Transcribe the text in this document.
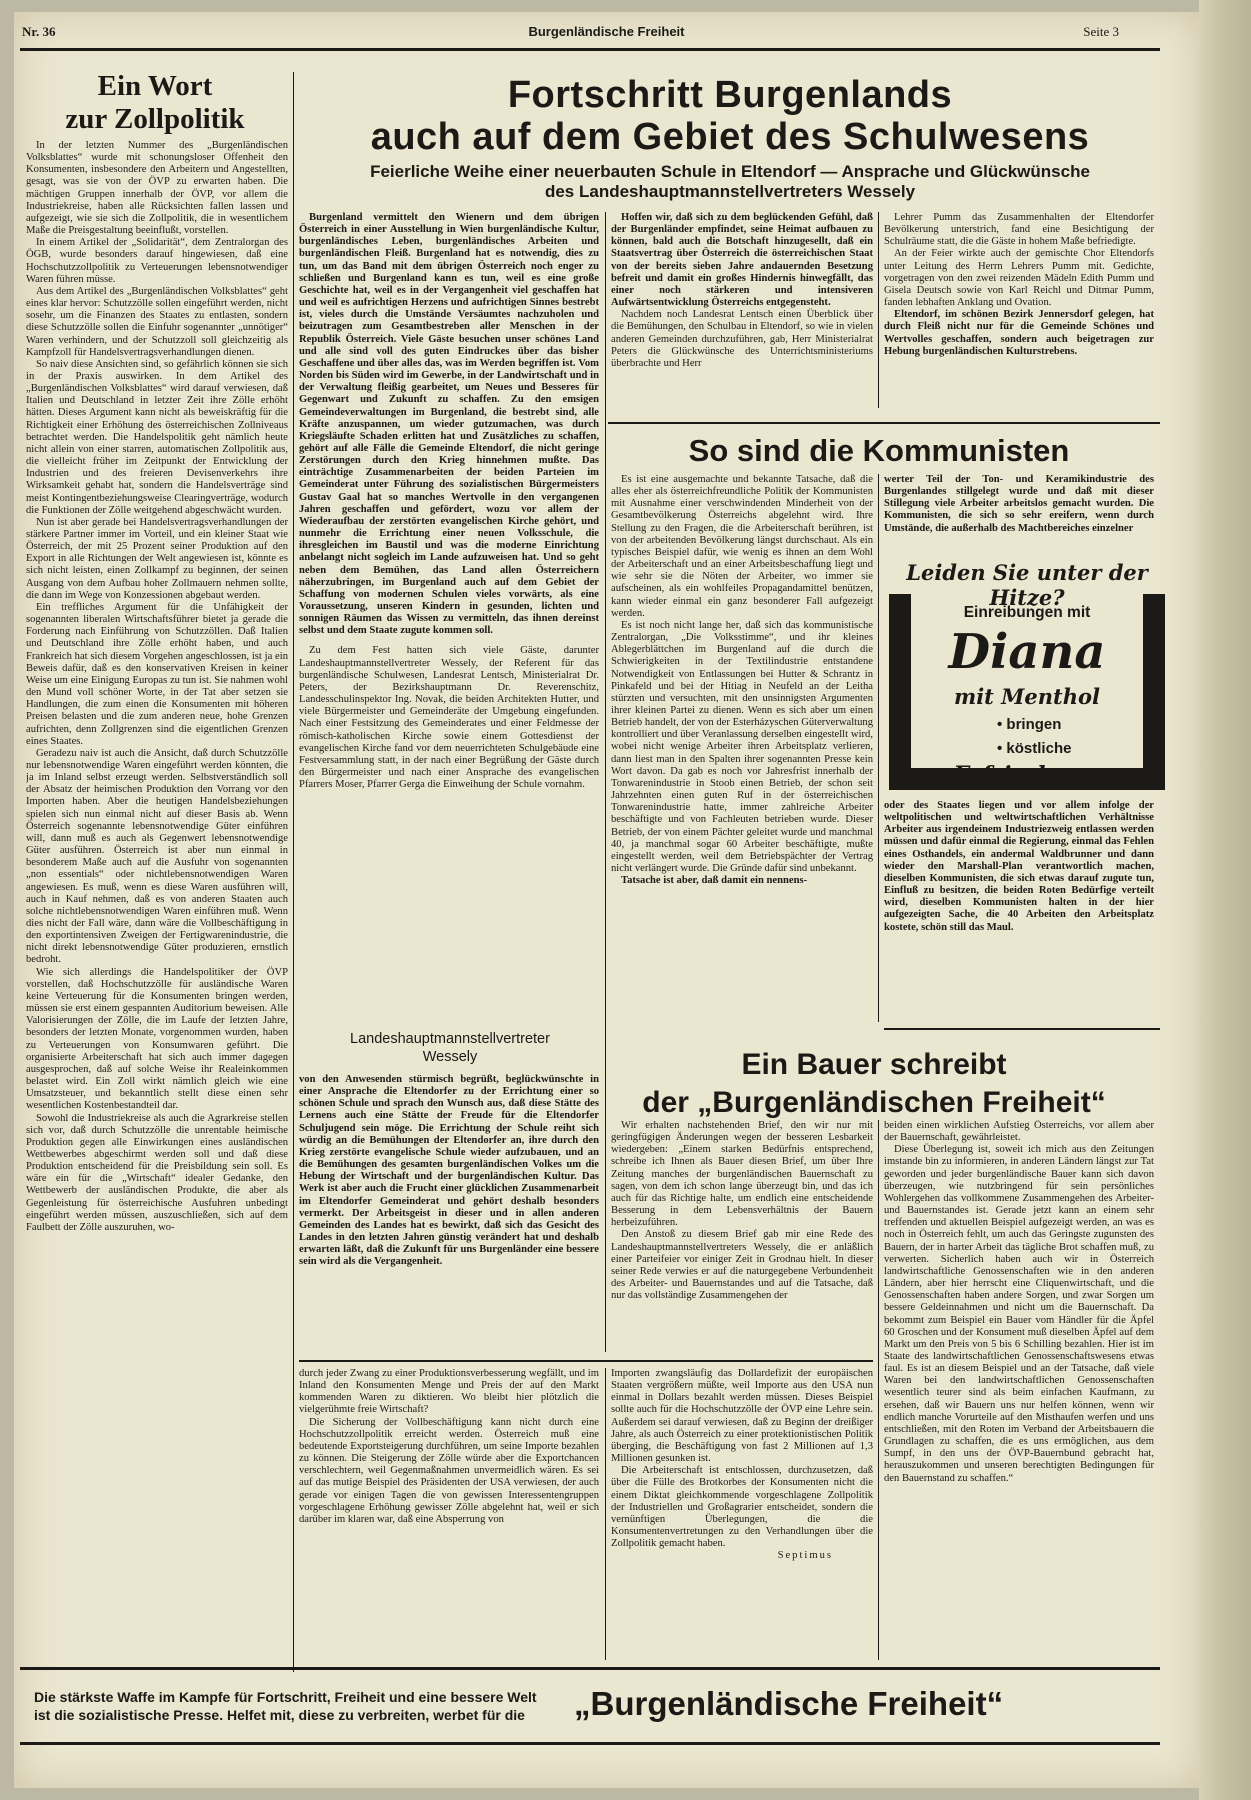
Nr. 36	Burgenländische Freiheit	Seite 3
Ein Wort
zur Zollpolitik

In der letzten Nummer des „Burgenländischen Volksblattes“ wurde mit schonungsloser Offenheit den Konsumenten, insbesondere den Arbeitern und Angestellten, gesagt, was sie von der ÖVP zu erwarten haben. Die mächtigen Gruppen innerhalb der ÖVP, vor allem die Industriekreise, haben alle Rücksichten fallen lassen und aufgezeigt, wie sie sich die Zollpolitik, die in wesentlichem Maße die Preisgestaltung beeinflußt, vorstellen.

In einem Artikel der „Solidarität“, dem Zentralorgan des ÖGB, wurde besonders darauf hingewiesen, daß eine Hochschutzzollpolitik zu Verteuerungen lebensnotwendiger Waren führen müsse.

Aus dem Artikel des „Burgenländischen Volksblattes“ geht eines klar hervor: Schutzzölle sollen eingeführt werden, nicht sosehr, um die Finanzen des Staates zu entlasten, sondern diese Schutzzölle sollen die Einfuhr sogenannter „unnötiger“ Waren verhindern, und der Schutzzoll soll gleichzeitig als Kampfzoll für Handelsvertragsverhandlungen dienen.

So naiv diese Ansichten sind, so gefährlich können sie sich in der Praxis auswirken. In dem Artikel des „Burgenländischen Volksblattes“ wird darauf verwiesen, daß Italien und Deutschland in letzter Zeit ihre Zölle erhöht hätten. Dieses Argument kann nicht als beweiskräftig für die Richtigkeit einer Erhöhung des österreichischen Zollniveaus betrachtet werden. Die Handelspolitik geht nämlich heute nicht allein von einer starren, automatischen Zollpolitik aus, die vielleicht früher im Zeitpunkt der Entwicklung der Industrien und des freieren Devisenverkehrs ihre Wirksamkeit gehabt hat, sondern die Handelsverträge sind meist Kontingentbeziehungsweise Clearingverträge, wodurch die Funktionen der Zölle weitgehend abgeschwächt wurden.

Nun ist aber gerade bei Handelsvertragsverhandlungen der stärkere Partner immer im Vorteil, und ein kleiner Staat wie Österreich, der mit 25 Prozent seiner Produktion auf den Export in alle Richtungen der Welt angewiesen ist, könnte es sich nicht leisten, einen Zollkampf zu beginnen, der seinen Ausgang von dem Aufbau hoher Zollmauern nehmen sollte, die dann im Wege von Konzessionen abgebaut werden.

Ein treffliches Argument für die Unfähigkeit der sogenannten liberalen Wirtschaftsführer bietet ja gerade die Forderung nach Einführung von Schutzzöllen. Daß Italien und Deutschland ihre Zölle erhöht haben, und auch Frankreich hat sich diesem Vorgehen angeschlossen, ist ja ein Beweis dafür, daß es den konservativen Kreisen in keiner Weise um eine Einigung Europas zu tun ist. Sie nahmen wohl den Mund voll schöner Worte, in der Tat aber setzen sie Handlungen, die zum einen die Konsumenten mit höheren Preisen belasten und die zum anderen neue, hohe Grenzen aufrichten, denn Zollgrenzen sind die eigentlichen Grenzen eines Staates.

Geradezu naiv ist auch die Ansicht, daß durch Schutzzölle nur lebensnotwendige Waren eingeführt werden könnten, die ja im Inland selbst erzeugt werden. Selbstverständlich soll der Absatz der heimischen Produktion den Vorrang vor den Importen haben. Aber die heutigen Handelsbeziehungen spielen sich nun einmal nicht auf dieser Basis ab. Wenn Österreich sogenannte lebensnotwendige Güter einführen will, dann muß es auch als Gegenwert lebensnotwendige Güter ausführen. Österreich ist aber nun einmal in besonderem Maße auch auf die Ausfuhr von sogenannten „non essentials“ oder nichtlebensnotwendigen Waren angewiesen. Es muß, wenn es diese Waren ausführen will, auch in Kauf nehmen, daß es von anderen Staaten auch solche nichtlebensnotwendigen Waren einführen muß. Wenn dies nicht der Fall wäre, dann wäre die Vollbeschäftigung in den exportintensiven Zweigen der Fertigwarenindustrie, die nicht direkt lebensnotwendige Güter produzieren, ernstlich bedroht.

Wie sich allerdings die Handelspolitiker der ÖVP vorstellen, daß Hochschutzzölle für ausländische Waren keine Verteuerung für die Konsumenten bringen werden, müssen sie erst einem gespannten Auditorium beweisen. Alle Valorisierungen der Zölle, die im Laufe der letzten Jahre, besonders der letzten Monate, vorgenommen wurden, haben zu Verteuerungen von Konsumwaren geführt. Die organisierte Arbeiterschaft hat sich auch immer dagegen ausgesprochen, daß auf solche Weise ihr Realeinkommen belastet wird. Ein Zoll wirkt nämlich gleich wie eine Umsatzsteuer, und bekanntlich stellt diese einen sehr wesentlichen Kostenbestandteil dar.

Sowohl die Industriekreise als auch die Agrarkreise stellen sich vor, daß durch Schutzzölle die unrentable heimische Produktion gegen alle Einwirkungen eines ausländischen Wettbewerbes abgeschirmt werden soll und daß diese Produktion entscheidend für die Preisbildung sein soll. Es wäre ein für die „Wirtschaft“ idealer Gedanke, den Wettbewerb der ausländischen Produkte, die aber als Gegenleistung für österreichische Ausfuhren unbedingt eingeführt werden müssen, auszuschließen, sich auf dem Faulbett der Zölle auszuruhen, wo-

Fortschritt Burgenlands
auch auf dem Gebiet des Schulwesens
Feierliche Weihe einer neuerbauten Schule in Eltendorf — Ansprache und Glückwünsche
des Landeshauptmannstellvertreters Wessely

Burgenland vermittelt den Wienern und dem übrigen Österreich in einer Ausstellung in Wien burgenländische Kultur, burgenländisches Leben, burgenländisches Arbeiten und burgenländischen Fleiß. Burgenland hat es notwendig, dies zu tun, um das Band mit dem übrigen Österreich noch enger zu schließen und Burgenland kann es tun, weil es eine große Geschichte hat, weil es in der Vergangenheit viel geschaffen hat und weil es aufrichtigen Herzens und aufrichtigen Sinnes bestrebt ist, vieles durch die Umstände Versäumtes nachzuholen und beizutragen zum Gesamtbestreben aller Menschen in der Republik Österreich. Viele Gäste besuchen unser schönes Land und alle sind voll des guten Eindruckes über das bisher Geschaffene und über alles das, was im Werden begriffen ist. Vom Norden bis Süden wird im Gewerbe, in der Landwirtschaft und in der Verwaltung fleißig gearbeitet, um Neues und Besseres für Gegenwart und Zukunft zu schaffen. Zu den emsigen Gemeindeverwaltungen im Burgenland, die bestrebt sind, alle Kräfte anzuspannen, um wieder gutzumachen, was durch Kriegsläufte Schaden erlitten hat und Zusätzliches zu schaffen, gehört auf alle Fälle die Gemeinde Eltendorf, die nicht geringe Zerstörungen durch den Krieg hinnehmen mußte. Das einträchtige Zusammenarbeiten der beiden Parteien im Gemeinderat unter Führung des sozialistischen Bürgermeisters Gustav Gaal hat so manches Wertvolle in den vergangenen Jahren geschaffen und gefördert, wozu vor allem der Wiederaufbau der zerstörten evangelischen Kirche gehört, und nunmehr die Errichtung einer neuen Volksschule, die ihresgleichen im Baustil und was die moderne Einrichtung anbelangt nicht sogleich im Lande aufzuweisen hat. Und so geht neben dem Bemühen, das Land allen Österreichern näherzubringen, im Burgenland auch auf dem Gebiet der Schaffung von modernen Schulen vieles vorwärts, als eine Voraussetzung, unseren Kindern in gesunden, lichten und sonnigen Räumen das Wissen zu vermitteln, das ihnen dereinst selbst und dem Staate zugute kommen soll.

Zu dem Fest hatten sich viele Gäste, darunter Landeshauptmannstellvertreter Wessely, der Referent für das burgenländische Schulwesen, Landesrat Lentsch, Ministerialrat Dr. Peters, der Bezirkshauptmann Dr. Reverenschitz, Landesschulinspektor Ing. Novak, die beiden Architekten Hutter, und viele Bürgermeister und Gemeinderäte der Umgebung eingefunden. Nach einer Festsitzung des Gemeinderates und einer Feldmesse der römisch-katholischen Kirche sowie einem Gottesdienst der evangelischen Kirche fand vor dem neuerrichteten Schulgebäude eine Festversammlung statt, in der nach einer Begrüßung der Gäste durch den Bürgermeister und nach einer Ansprache des evangelischen Pfarrers Moser, Pfarrer Gerga die Einweihung der Schule vornahm.

Landeshauptmannstellvertreter
Wessely

von den Anwesenden stürmisch begrüßt, beglückwünschte in einer Ansprache die Eltendorfer zu der Errichtung einer so schönen Schule und sprach den Wunsch aus, daß diese Stätte des Lernens auch eine Stätte der Freude für die Eltendorfer Schuljugend sein möge. Die Errichtung der Schule reiht sich würdig an die Bemühungen der Eltendorfer an, ihre durch den Krieg zerstörte evangelische Schule wieder aufzubauen, und an die Bemühungen des gesamten burgenländischen Volkes um die Hebung der Wirtschaft und der burgenländischen Kultur. Das Werk ist aber auch die Frucht einer glücklichen Zusammenarbeit im Eltendorfer Gemeinderat und gehört deshalb besonders vermerkt. Der Arbeitsgeist in dieser und in allen anderen Gemeinden des Landes hat es bewirkt, daß sich das Gesicht des Landes in den letzten Jahren günstig verändert hat und deshalb erwarten läßt, daß die Zukunft für uns Burgenländer eine bessere sein wird als die Vergangenheit.

Hoffen wir, daß sich zu dem beglückenden Gefühl, daß der Burgenländer empfindet, seine Heimat aufbauen zu können, bald auch die Botschaft hinzugesellt, daß ein Staatsvertrag über Österreich die österreichischen Staat von der bereits sieben Jahre andauernden Besetzung befreit und damit ein großes Hindernis hinwegfällt, das einer noch stärkeren und intensiveren Aufwärtsentwicklung Österreichs entgegensteht.

Nachdem noch Landesrat Lentsch einen Überblick über die Bemühungen, den Schulbau in Eltendorf, so wie in vielen anderen Gemeinden durchzuführen, gab, Herr Ministerialrat Peters die Glückwünsche des Unterrichtsministeriums überbrachte und Herr

Lehrer Pumm das Zusammenhalten der Eltendorfer Bevölkerung unterstrich, fand eine Besichtigung der Schulräume statt, die die Gäste in hohem Maße befriedigte.

An der Feier wirkte auch der gemischte Chor Eltendorfs unter Leitung des Herrn Lehrers Pumm mit. Gedichte, vorgetragen von den zwei reizenden Mädeln Edith Pumm und Gisela Deutsch sowie von Karl Reichl und Ditmar Pumm, fanden lebhaften Anklang und Ovation.

Eltendorf, im schönen Bezirk Jennersdorf gelegen, hat durch Fleiß nicht nur für die Gemeinde Schönes und Wertvolles geschaffen, sondern auch beigetragen zur Hebung burgenländischen Kulturstrebens.

So sind die Kommunisten

Es ist eine ausgemachte und bekannte Tatsache, daß die alles eher als österreichfreundliche Politik der Kommunisten mit Ausnahme einer verschwindenden Minderheit von der Gesamtbevölkerung Österreichs abgelehnt wird. Ihre Stellung zu den Fragen, die die Arbeiterschaft berühren, ist von der arbeitenden Bevölkerung längst durchschaut. Als ein typisches Beispiel dafür, wie wenig es ihnen an dem Wohl der Arbeiterschaft und an einer Arbeitsbeschaffung liegt und wie sehr sie die Nöten der Arbeiter, wo immer sie aufscheinen, als ein wohlfeiles Propagandamittel benützen, kann wieder einmal ein ganz besonderer Fall aufgezeigt werden.

Es ist noch nicht lange her, daß sich das kommunistische Zentralorgan, „Die Volksstimme“, und ihr kleines Ablegerblättchen im Burgenland auf die durch die Schwierigkeiten in der Textilindustrie entstandene Notwendigkeit von Entlassungen bei Hutter & Schrantz in Pinkafeld und bei der Hitiag in Neufeld an der Leitha stürzten und versuchten, mit den unsinnigsten Argumenten ihrer kleinen Partei zu dienen. Wenn es sich aber um einen Betrieb handelt, der von der Esterházyschen Güterverwaltung kontrolliert und über Veranlassung derselben eingestellt wird, wobei nicht wenige Arbeiter ihren Arbeitsplatz verlieren, dann liest man in den Spalten ihrer sogenannten Presse kein Wort davon. Da gab es noch vor Jahresfrist innerhalb der Tonwarenindustrie in Stoob einen Betrieb, der schon seit Jahrzehnten einen guten Ruf in der österreichischen Tonwarenindustrie hatte, immer zahlreiche Arbeiter beschäftigte und von Fachleuten betrieben wurde. Dieser Betrieb, der von einem Pächter geleitet wurde und manchmal 40, ja manchmal sogar 60 Arbeiter beschäftigte, mußte eingestellt werden, weil dem Betriebspächter der Vertrag nicht verlängert wurde. Die Gründe dafür sind unbekannt.

Tatsache ist aber, daß damit ein nennens-

werter Teil der Ton- und Keramikindustrie des Burgenlandes stillgelegt wurde und daß mit dieser Stillegung viele Arbeiter arbeitslos gemacht wurden. Die Kommunisten, die sich so sehr ereifern, wenn durch Umstände, die außerhalb des Machtbereiches einzelner

Leiden Sie unter der Hitze?
Einreibungen mit
Diana
mit Menthol
• bringen
• köstliche
Erfrischung

oder des Staates liegen und vor allem infolge der weltpolitischen und weltwirtschaftlichen Verhältnisse Arbeiter aus irgendeinem Industriezweig entlassen werden müssen und dafür einmal die Regierung, einmal das Fehlen eines Osthandels, ein andermal Waldbrunner und dann wieder den Marshall-Plan verantwortlich machen, dieselben Kommunisten, die sich etwas darauf zugute tun, Einfluß zu besitzen, die beiden Roten Bedürfige verteilt wird, dieselben Kommunisten halten in der hier aufgezeigten Sache, die 40 Arbeiten den Arbeitsplatz kostete, schön still das Maul.

Ein Bauer schreibt
der „Burgenländischen Freiheit“

Wir erhalten nachstehenden Brief, den wir nur mit geringfügigen Änderungen wegen der besseren Lesbarkeit wiedergeben: „Einem starken Bedürfnis entsprechend, schreibe ich Ihnen als Bauer diesen Brief, um über Ihre Zeitung manches der burgenländischen Bauernschaft zu sagen, von dem ich schon lange überzeugt bin, und das ich auch für das Richtige halte, um endlich eine entscheidende Besserung in dem Lebensverhältnis der Bauern herbeizuführen.

Den Anstoß zu diesem Brief gab mir eine Rede des Landeshauptmannstellvertreters Wessely, die er anläßlich einer Parteifeier vor einiger Zeit in Grodnau hielt. In dieser seiner Rede verwies er auf die naturgegebene Verbundenheit des Arbeiter- und Bauernstandes und auf die Tatsache, daß nur das vollständige Zusammengehen der

beiden einen wirklichen Aufstieg Österreichs, vor allem aber der Bauernschaft, gewährleistet.

Diese Überlegung ist, soweit ich mich aus den Zeitungen imstande bin zu informieren, in anderen Ländern längst zur Tat geworden und jeder burgenländische Bauer kann sich davon überzeugen, wie nutzbringend für sein persönliches Wohlergehen das vollkommene Zusammengehen des Arbeiter- und Bauernstandes ist. Gerade jetzt kann an einem sehr treffenden und aktuellen Beispiel aufgezeigt werden, an was es noch in Österreich fehlt, um auch das Geringste zugunsten des Bauern, der in harter Arbeit das tägliche Brot schaffen muß, zu verwerten. Sicherlich haben auch wir in Österreich landwirtschaftliche Genossenschaften wie in den anderen Ländern, aber hier herrscht eine Cliquenwirtschaft, und die Genossenschaften haben andere Sorgen, und zwar Sorgen um bessere Geldeinnahmen und nicht um die Bauernschaft. Da bekommt zum Beispiel ein Bauer vom Händler für die Äpfel 60 Groschen und der Konsument muß dieselben Äpfel auf dem Markt um den Preis von 5 bis 6 Schilling bezahlen. Hier ist im Staate des landwirtschaftlichen Genossenschaftswesens etwas faul. Es ist an diesem Beispiel und an der Tatsache, daß viele Waren bei den landwirtschaftlichen Genossenschaften wesentlich teurer sind als beim einfachen Kaufmann, zu ersehen, daß wir Bauern uns nur helfen können, wenn wir endlich manche Vorurteile auf den Misthaufen werfen und uns entschließen, mit den Roten im Verband der Arbeitsbauern die Grundlagen zu schaffen, die es uns ermöglichen, aus dem Sumpf, in den uns der ÖVP-Bauernbund gebracht hat, herauszukommen und unseren berechtigten Bedingungen für den Bauernstand zu schaffen.“

durch jeder Zwang zu einer Produktionsverbesserung wegfällt, und im Inland den Konsumenten Menge und Preis der auf den Markt kommenden Waren zu diktieren. Wo bleibt hier plötzlich die vielgerühmte freie Wirtschaft?

Die Sicherung der Vollbeschäftigung kann nicht durch eine Hochschutzzollpolitik erreicht werden. Österreich muß eine bedeutende Exportsteigerung durchführen, um seine Importe bezahlen zu können. Die Steigerung der Zölle würde aber die Exportchancen verschlechtern, weil Gegenmaßnahmen unvermeidlich wären. Es sei auf das mutige Beispiel des Präsidenten der USA verwiesen, der auch gerade vor einigen Tagen die von gewissen Interessentengruppen vorgeschlagene Erhöhung gewisser Zölle abgelehnt hat, weil er sich darüber im klaren war, daß eine Absperrung von

Importen zwangsläufig das Dollardefizit der europäischen Staaten vergrößern müßte, weil Importe aus den USA nun einmal in Dollars bezahlt werden müssen. Dieses Beispiel sollte auch für die Hochschutzzölle der ÖVP eine Lehre sein. Außerdem sei darauf verwiesen, daß zu Beginn der dreißiger Jahre, als auch Österreich zu einer protektionistischen Politik überging, die Beschäftigung von fast 2 Millionen auf 1,3 Millionen gesunken ist.

Die Arbeiterschaft ist entschlossen, durchzusetzen, daß über die Fülle des Brotkorbes der Konsumenten nicht die einem Diktat gleichkommende vorgeschlagene Zollpolitik der Industriellen und Großagrarier entscheidet, sondern die vernünftigen Überlegungen, die die Konsumentenvertretungen zu den Verhandlungen über die Zollpolitik gemacht haben.

Septimus
Die stärkste Waffe im Kampfe für Fortschritt, Freiheit und eine bessere Welt
ist die sozialistische Presse. Helfet mit, diese zu verbreiten, werbet für die	„Burgenländische Freiheit“
